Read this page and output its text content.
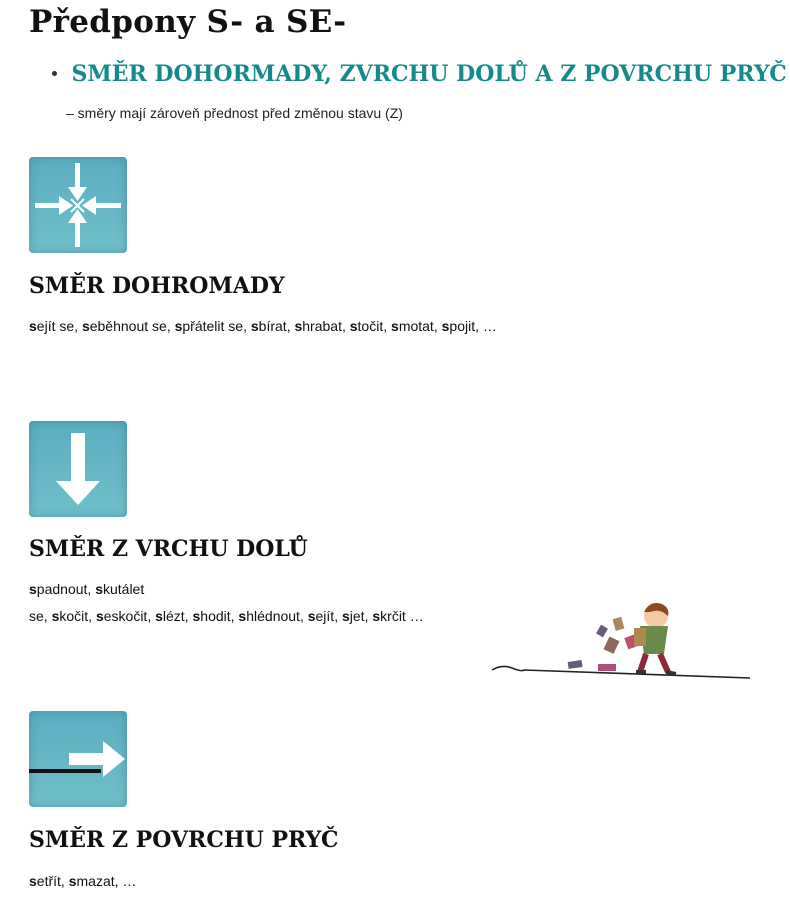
Předpony S- a SE-
SMĚR DOHORMADY, ZVRCHU DOLŮ A Z POVRCHU PRYČ
– směry mají zároveň přednost před změnou stavu (Z)
SMĚR DOHROMADY
sejít se, seběhnout se, spřátelit se, sbírat, shrabat, stočit, smotat, spojit, …
SMĚR Z VRCHU DOLŮ
spadnout, skutálet
se, skočit, seskočit, slézt, shodit, shlédnout, sejít, sjet, skrčit …
SMĚR Z POVRCHU PRYČ
setřít, smazat, …
